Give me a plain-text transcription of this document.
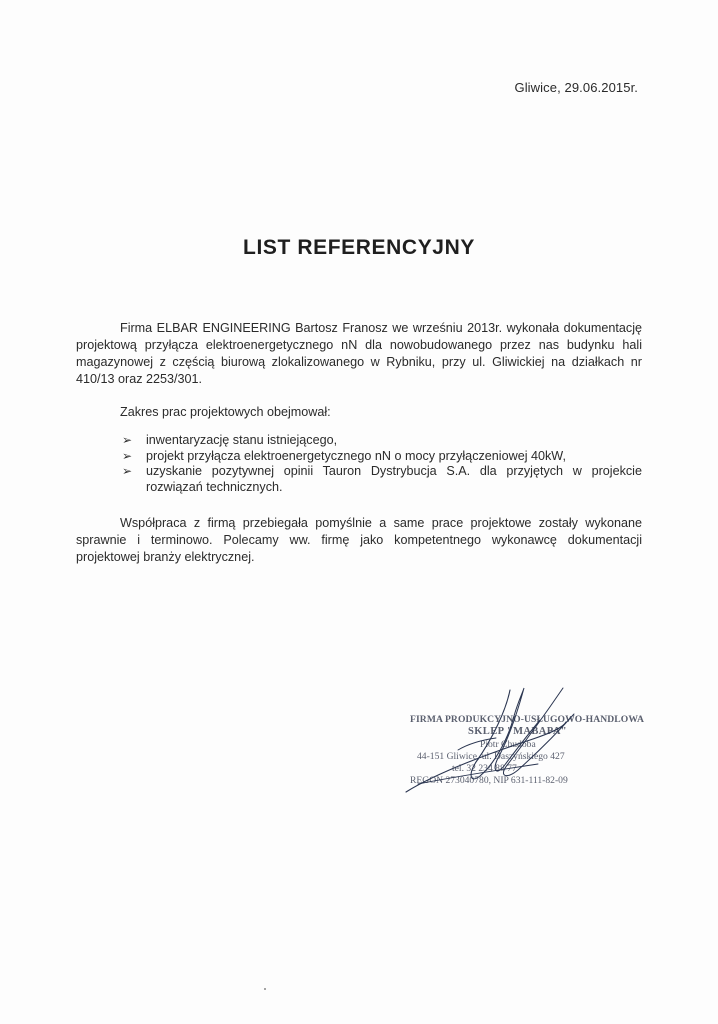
Gliwice, 29.06.2015r.
LIST REFERENCYJNY
Firma ELBAR ENGINEERING Bartosz Franosz we wrześniu 2013r. wykonała dokumentację projektową przyłącza elektroenergetycznego nN dla nowobudowanego przez nas budynku hali magazynowej z częścią biurową zlokalizowanego w Rybniku, przy ul. Gliwickiej na działkach nr 410/13 oraz 2253/301.
Zakres prac projektowych obejmował:
➢ inwentaryzację stanu istniejącego,
➢ projekt przyłącza elektroenergetycznego nN o mocy przyłączeniowej 40kW,
➢ uzyskanie pozytywnej opinii Tauron Dystrybucja S.A. dla przyjętych w projekcie rozwiązań technicznych.
Współpraca z firmą przebiegała pomyślnie a same prace projektowe zostały wykonane sprawnie i terminowo. Polecamy ww. firmę jako kompetentnego wykonawcę dokumentacji projektowej branży elektrycznej.
FIRMA PRODUKCYJNO-USŁUGOWO-HANDLOWA
SKLEP "MABAPA"
Piotr Chudoba
44-151 Gliwice, ul. Daszyńskiego 427
tel. 32 234 88 77
REGON 273040780, NIP 631-111-82-09
